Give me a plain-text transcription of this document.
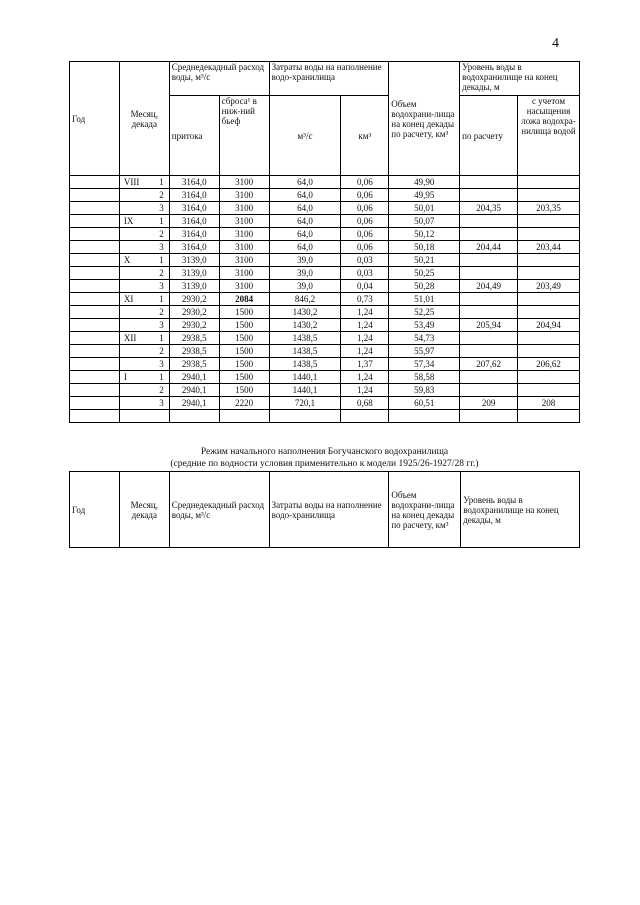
4
Год	Месяц, декада	Среднедекадный расход воды, м³/с		Затраты воды на наполнение водо-хранилища		Объем водохрани-лища на конец декады по расчету, км³	Уровень воды в водохранилище на конец декады, м	
		притока	сброса¹ в ниж-ний бьеф	м³/с	км³		по расчету	с учетом насыщения ложа водохра-нилища водой
	VIII 1	3164,0	3100	64,0	0,06	49,90		

	2	3164,0	3100	64,0	0,06	49,95		

	3	3164,0	3100	64,0	0,06	50,01	204,35	203,35
	IX 1	3164,0	3100	64,0	0,06	50,07		

	2	3164,0	3100	64,0	0,06	50,12		

	3	3164,0	3100	64,0	0,06	50,18	204,44	203,44
	X 1	3139,0	3100	39,0	0,03	50,21		

	2	3139,0	3100	39,0	0,03	50,25		

	3	3139,0	3100	39,0	0,04	50,28	204,49	203,49
	XI 1	2930,2	2084	846,2	0,73	51,01		

	2	2930,2	1500	1430,2	1,24	52,25		

	3	2930,2	1500	1430,2	1,24	53,49	205,94	204,94
	XII 1	2938,5	1500	1438,5	1,24	54,73		

	2	2938,5	1500	1438,5	1,24	55,97		

	3	2938,5	1500	1438,5	1,37	57,34	207,62	206,62
	I 1	2940,1	1500	1440,1	1,24	58,58		

	2	2940,1	1500	1440,1	1,24	59,83		

	3	2940,1	2220	720,1	0,68	60,51	209	208

Режим начального наполнения Богучанского водохранилища
(средние по водности условия применительно к модели 1925/26-1927/28 гг.)
Год	Месяц, декада	Среднедекадный расход воды, м³/с	Затраты воды на наполнение водо-хранилища	Объем водохрани-лища на конец декады по расчету, км³	Уровень воды в водохранилище на конец декады, м
